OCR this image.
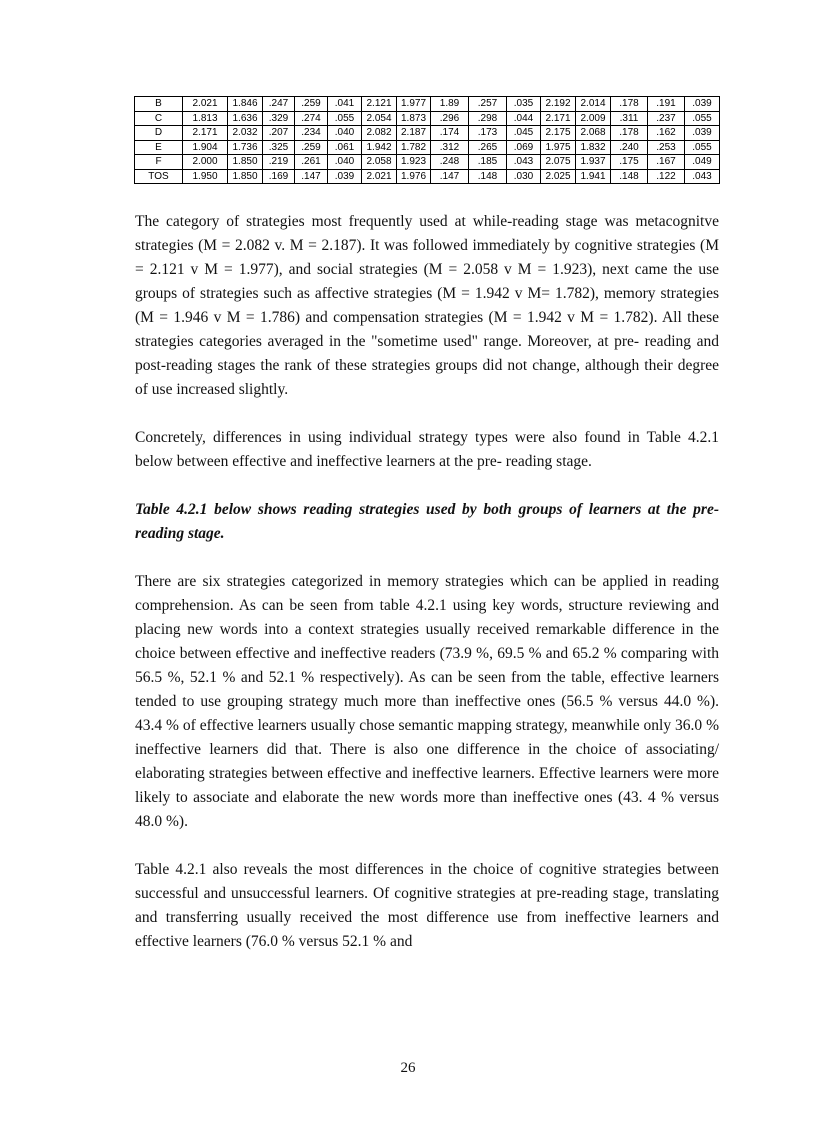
B	2.021	1.846	.247	.259	.041	2.121	1.977	1.89	.257	.035	2.192	2.014	.178	.191	.039
C	1.813	1.636	.329	.274	.055	2.054	1.873	.296	.298	.044	2.171	2.009	.311	.237	.055
D	2.171	2.032	.207	.234	.040	2.082	2.187	.174	.173	.045	2.175	2.068	.178	.162	.039
E	1.904	1.736	.325	.259	.061	1.942	1.782	.312	.265	.069	1.975	1.832	.240	.253	.055
F	2.000	1.850	.219	.261	.040	2.058	1.923	.248	.185	.043	2.075	1.937	.175	.167	.049
TOS	1.950	1.850	.169	.147	.039	2.021	1.976	.147	.148	.030	2.025	1.941	.148	.122	.043

The category of strategies most frequently used at while-reading stage was metacognitve strategies (M = 2.082 v. M = 2.187). It was followed immediately by cognitive strategies (M = 2.121 v M = 1.977), and social strategies (M = 2.058 v M = 1.923), next came the use groups of strategies such as affective strategies (M = 1.942 v M= 1.782), memory strategies (M = 1.946 v M = 1.786) and compensation strategies (M = 1.942 v M = 1.782). All these strategies categories averaged in the "sometime used" range. Moreover, at pre- reading and post-reading stages the rank of these strategies groups did not change, although their degree of use increased slightly.

Concretely, differences in using individual strategy types were also found in Table 4.2.1 below between effective and ineffective learners at the pre- reading stage.

Table 4.2.1 below shows reading strategies used by both groups of learners at the pre-reading stage.

There are six strategies categorized in memory strategies which can be applied in reading comprehension. As can be seen from table 4.2.1 using key words, structure reviewing and placing new words into a context strategies usually received remarkable difference in the choice between effective and ineffective readers (73.9 %, 69.5 % and 65.2 % comparing with 56.5 %, 52.1 % and 52.1 % respectively). As can be seen from the table, effective learners tended to use grouping strategy much more than ineffective ones (56.5 % versus 44.0 %). 43.4 % of effective learners usually chose semantic mapping strategy, meanwhile only 36.0 % ineffective learners did that. There is also one difference in the choice of associating/ elaborating strategies between effective and ineffective learners. Effective learners were more likely to associate and elaborate the new words more than ineffective ones (43. 4 % versus 48.0 %).

Table 4.2.1 also reveals the most differences in the choice of cognitive strategies between successful and unsuccessful learners. Of cognitive strategies at pre-reading stage, translating and transferring usually received the most difference use from ineffective learners and effective learners (76.0 % versus 52.1 % and

26
